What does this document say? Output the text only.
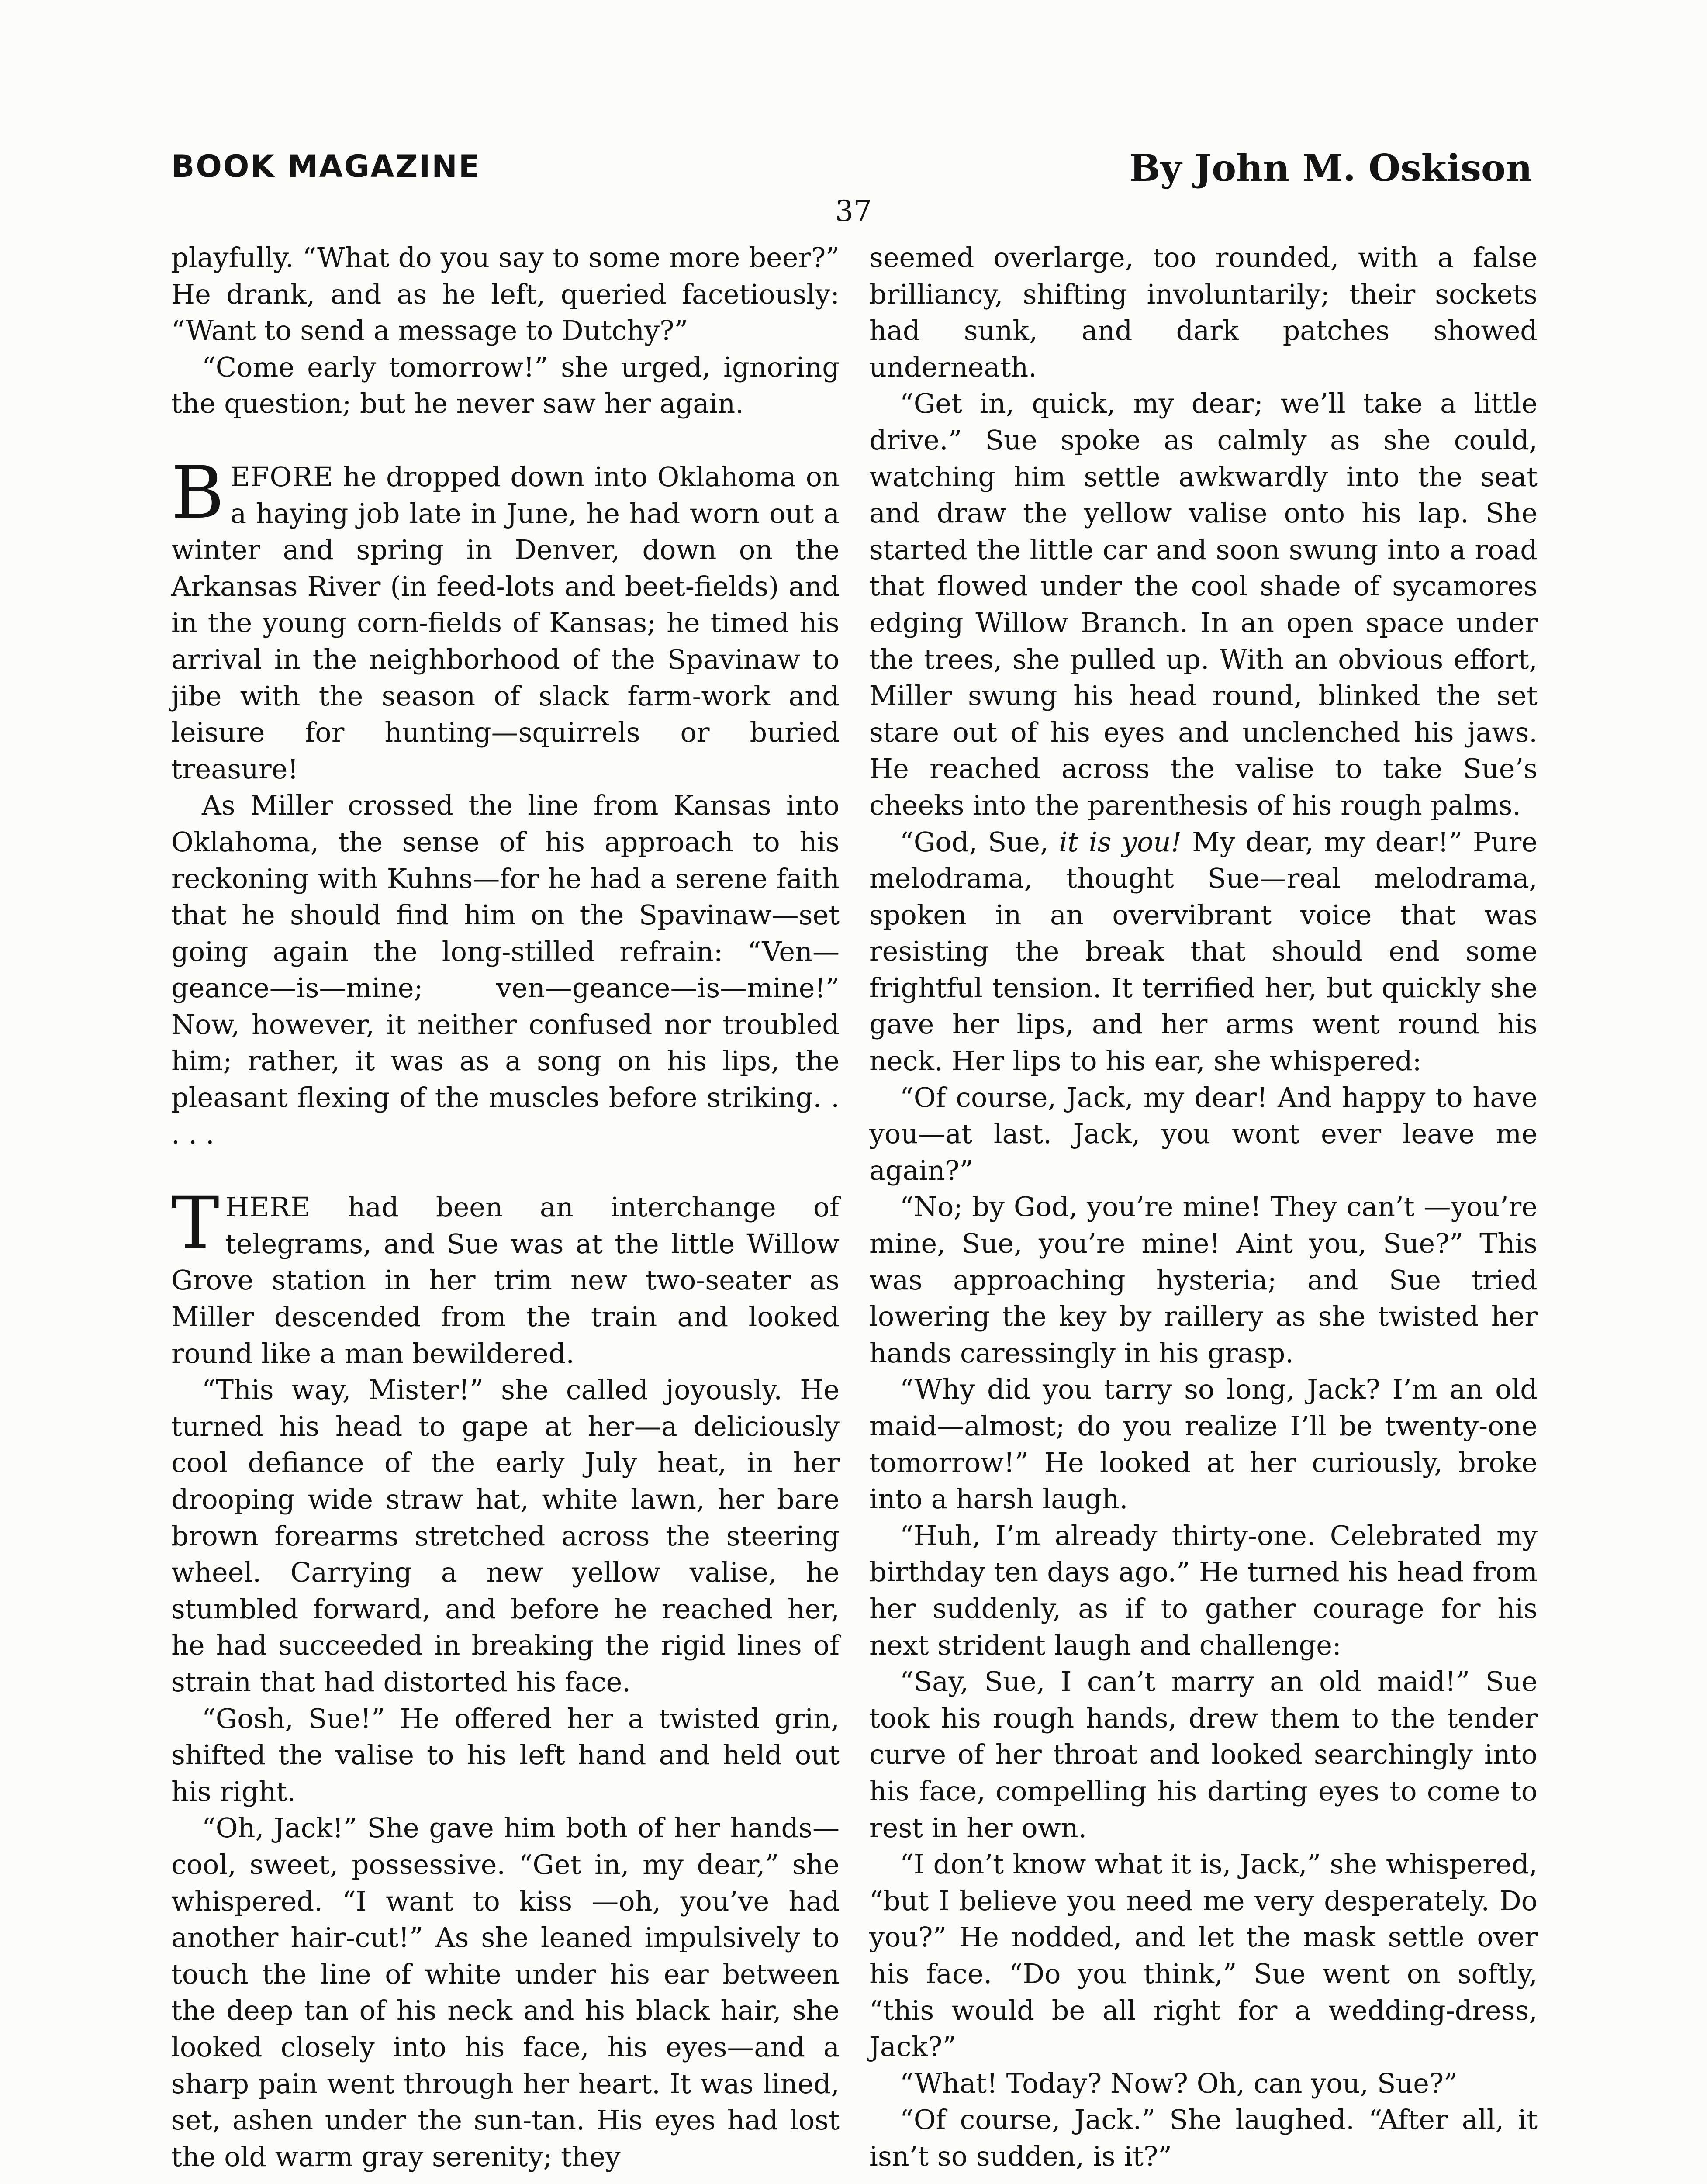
BOOK MAGAZINE	By John M. Oskison
37

playfully. “What do you say to some more beer?” He drank, and as he left, queried facetiously: “Want to send a message to Dutchy?”

“Come early tomorrow!” she urged, ignoring the question; but he never saw her again.

BEFORE he dropped down into Oklahoma on a haying job late in June, he had worn out a winter and spring in Denver, down on the Arkansas River (in feed-lots and beet-fields) and in the young corn-fields of Kansas; he timed his arrival in the neighborhood of the Spavinaw to jibe with the season of slack farm-work and leisure for hunting—squirrels or buried treasure!

As Miller crossed the line from Kansas into Oklahoma, the sense of his approach to his reckoning with Kuhns—for he had a serene faith that he should find him on the Spavinaw—set going again the long-stilled refrain: “Ven—geance—is—mine; ven—geance—is—mine!” Now, however, it neither confused nor troubled him; rather, it was as a song on his lips, the pleasant flexing of the muscles before striking. . . . .

THERE had been an interchange of telegrams, and Sue was at the little Willow Grove station in her trim new two-seater as Miller descended from the train and looked round like a man bewildered.

“This way, Mister!” she called joyously. He turned his head to gape at her—a deliciously cool defiance of the early July heat, in her drooping wide straw hat, white lawn, her bare brown forearms stretched across the steering wheel. Carrying a new yellow valise, he stumbled forward, and before he reached her, he had succeeded in breaking the rigid lines of strain that had distorted his face.

“Gosh, Sue!” He offered her a twisted grin, shifted the valise to his left hand and held out his right.

“Oh, Jack!” She gave him both of her hands—cool, sweet, possessive. “Get in, my dear,” she whispered. “I want to kiss —oh, you’ve had another hair-cut!” As she leaned impulsively to touch the line of white under his ear between the deep tan of his neck and his black hair, she looked closely into his face, his eyes—and a sharp pain went through her heart. It was lined, set, ashen under the sun-tan. His eyes had lost the old warm gray serenity; they

seemed overlarge, too rounded, with a false brilliancy, shifting involuntarily; their sockets had sunk, and dark patches showed underneath.

“Get in, quick, my dear; we’ll take a little drive.” Sue spoke as calmly as she could, watching him settle awkwardly into the seat and draw the yellow valise onto his lap. She started the little car and soon swung into a road that flowed under the cool shade of sycamores edging Willow Branch. In an open space under the trees, she pulled up. With an obvious effort, Miller swung his head round, blinked the set stare out of his eyes and unclenched his jaws. He reached across the valise to take Sue’s cheeks into the parenthesis of his rough palms.

“God, Sue, it is you! My dear, my dear!” Pure melodrama, thought Sue—real melodrama, spoken in an overvibrant voice that was resisting the break that should end some frightful tension. It terrified her, but quickly she gave her lips, and her arms went round his neck. Her lips to his ear, she whispered:

“Of course, Jack, my dear! And happy to have you—at last. Jack, you wont ever leave me again?”

“No; by God, you’re mine! They can’t —you’re mine, Sue, you’re mine! Aint you, Sue?” This was approaching hysteria; and Sue tried lowering the key by raillery as she twisted her hands caressingly in his grasp.

“Why did you tarry so long, Jack? I’m an old maid—almost; do you realize I’ll be twenty-one tomorrow!” He looked at her curiously, broke into a harsh laugh.

“Huh, I’m already thirty-one. Celebrated my birthday ten days ago.” He turned his head from her suddenly, as if to gather courage for his next strident laugh and challenge:

“Say, Sue, I can’t marry an old maid!” Sue took his rough hands, drew them to the tender curve of her throat and looked searchingly into his face, compelling his darting eyes to come to rest in her own.

“I don’t know what it is, Jack,” she whispered, “but I believe you need me very desperately. Do you?” He nodded, and let the mask settle over his face. “Do you think,” Sue went on softly, “this would be all right for a wedding-dress, Jack?”

“What! Today? Now? Oh, can you, Sue?”

“Of course, Jack.” She laughed. “After all, it isn’t so sudden, is it?”
